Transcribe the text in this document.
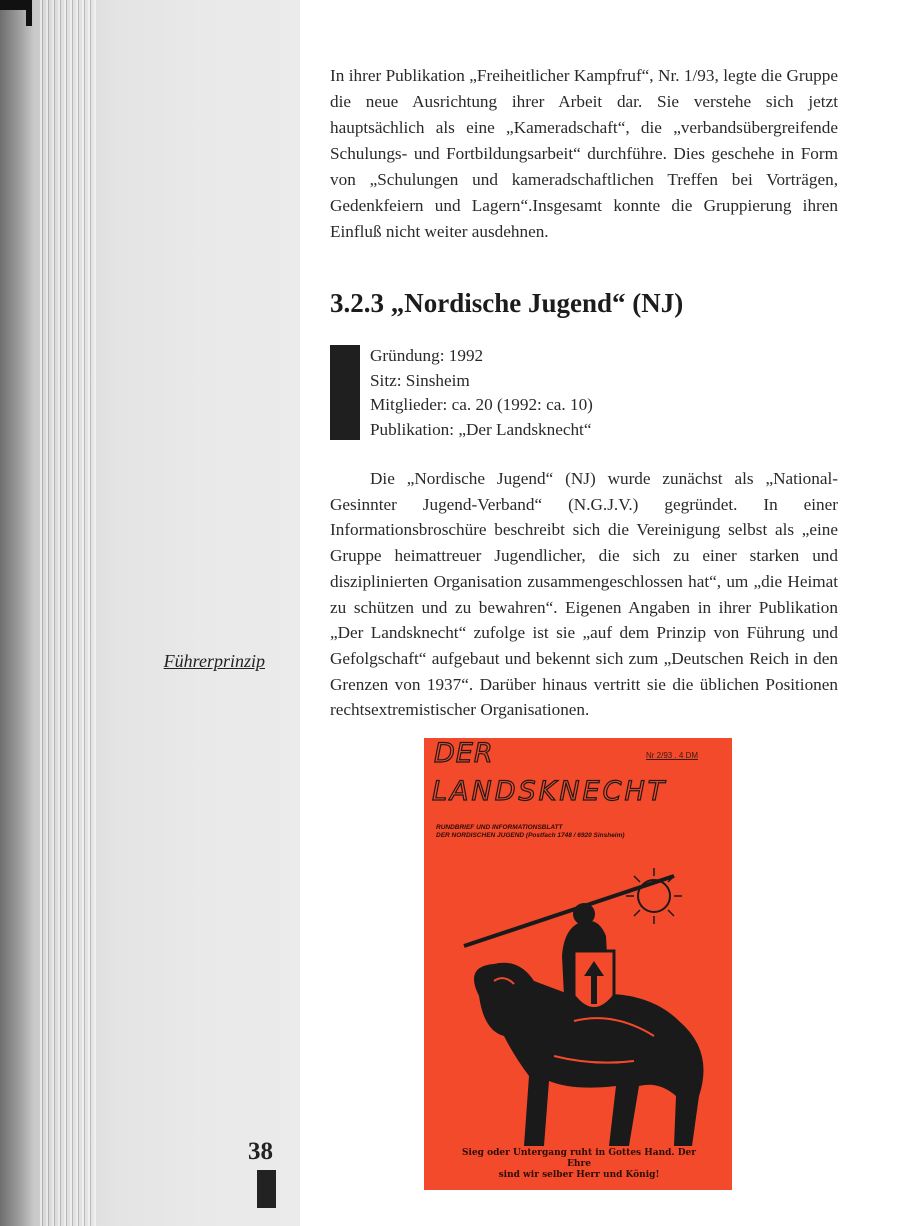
In ihrer Publikation „Freiheitlicher Kampfruf“, Nr. 1/93, legte die Gruppe die neue Ausrichtung ihrer Arbeit dar. Sie verstehe sich jetzt hauptsächlich als eine „Kameradschaft“, die „verbandsübergreifende Schulungs- und Fortbildungsarbeit“ durchführe. Dies geschehe in Form von „Schulungen und kameradschaftlichen Treffen bei Vorträgen, Gedenkfeiern und Lagern“.Insgesamt konnte die Gruppierung ihren Einfluß nicht weiter ausdehnen.

3.2.3 „Nordische Jugend“ (NJ)
Gründung: 1992
Sitz: Sinsheim
Mitglieder: ca. 20 (1992: ca. 10)
Publikation: „Der Landsknecht“

Die „Nordische Jugend“ (NJ) wurde zunächst als „National-Gesinnter Jugend-Verband“ (N.G.J.V.) gegründet. In einer Informationsbroschüre beschreibt sich die Vereinigung selbst als „eine Gruppe heimattreuer Jugendlicher, die sich zu einer starken und disziplinierten Organisation zusammengeschlossen hat“, um „die Heimat zu schützen und zu bewahren“. Eigenen Angaben in ihrer Publikation „Der Landsknecht“ zufolge ist sie „auf dem Prinzip von Führung und Gefolgschaft“ aufgebaut und bekennt sich zum „Deutschen Reich in den Grenzen von 1937“. Darüber hinaus vertritt sie die üblichen Positionen rechtsextremistischer Organisationen.

Führerprinzip
DER	Nr 2/93 . 4 DM
LANDSKNECHT
RUNDBRIEF UND INFORMATIONSBLATT
DER NORDISCHEN JUGEND (Postfach 1748 / 6920 Sinsheim)
Sieg oder Untergang ruht in Gottes Hand. Der Ehre
sind wir selber Herr und König!
38
